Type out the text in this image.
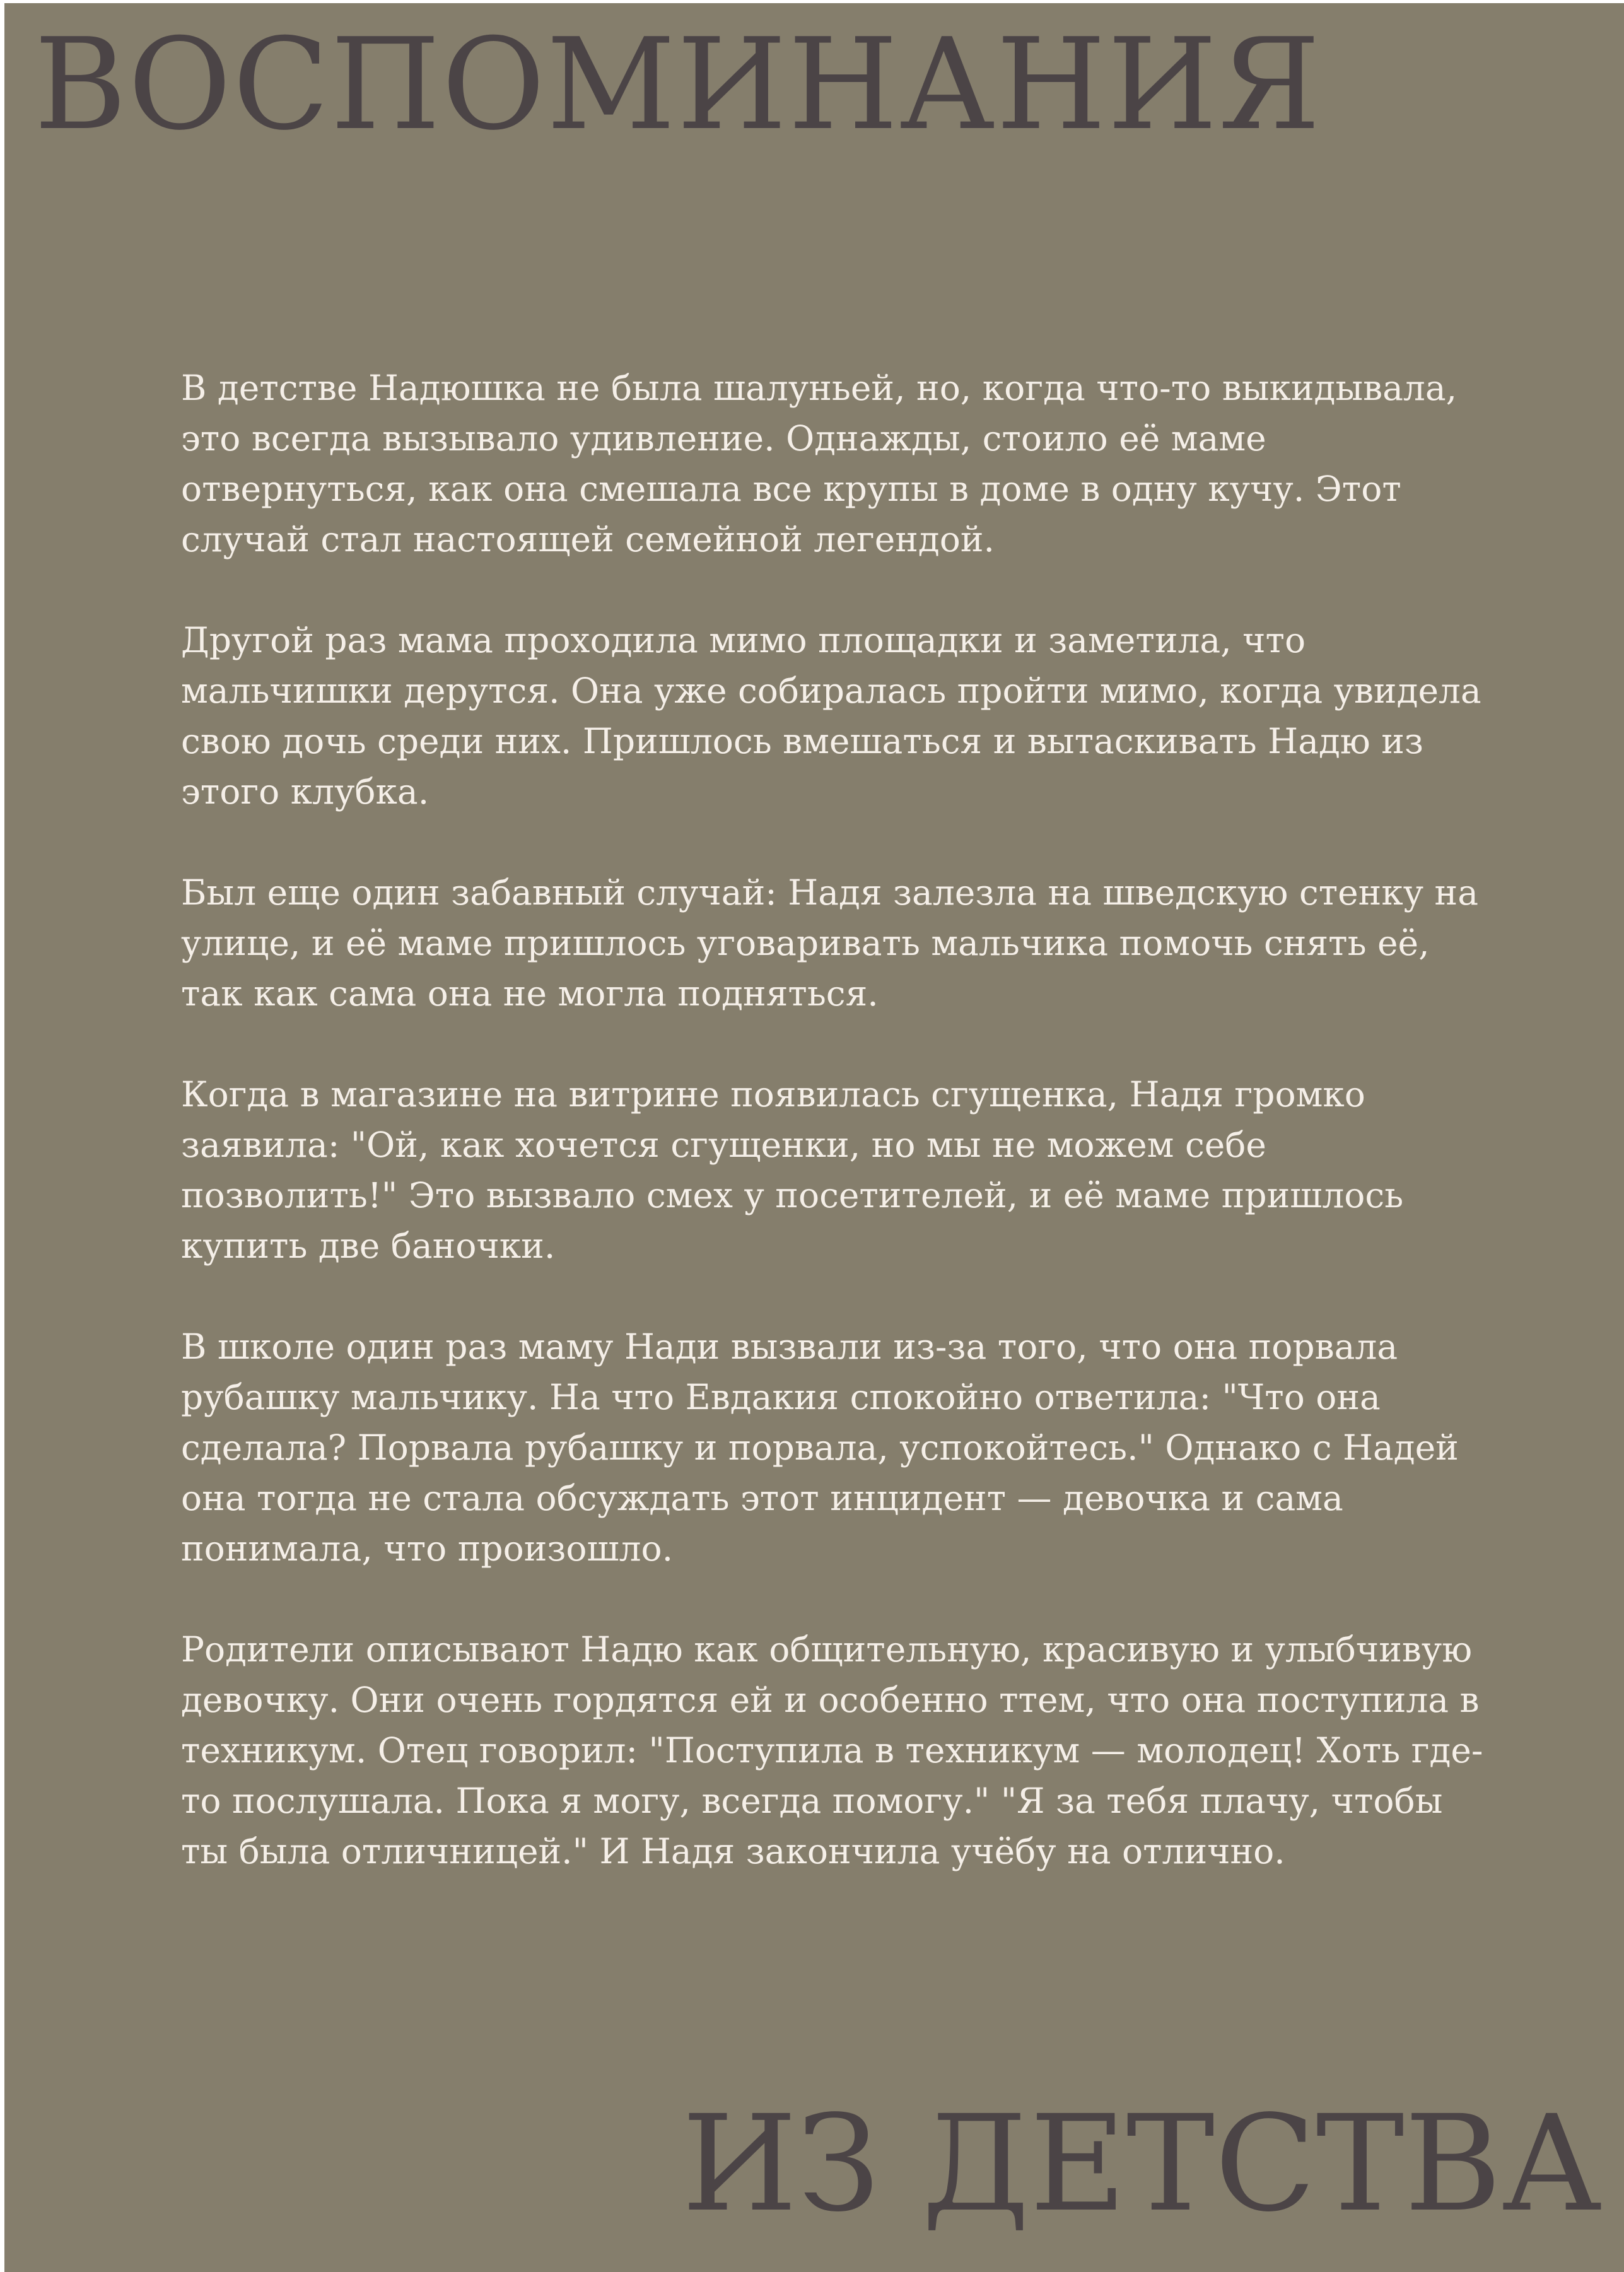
ВОСПОМИНАНИЯ

В детстве Надюшка не была шалуньей, но, когда что-то выкидывала, это всегда вызывало удивление. Однажды, стоило её маме отвернуться, как она смешала все крупы в доме в одну кучу. Этот случай стал настоящей семейной легендой.

Другой раз мама проходила мимо площадки и заметила, что мальчишки дерутся. Она уже собиралась пройти мимо, когда увидела свою дочь среди них. Пришлось вмешаться и вытаскивать Надю из этого клубка.

Был еще один забавный случай: Надя залезла на шведскую стенку на улице, и её маме пришлось уговаривать мальчика помочь снять её, так как сама она не могла подняться.

Когда в магазине на витрине появилась сгущенка, Надя громко заявила: "Ой, как хочется сгущенки, но мы не можем себе позволить!" Это вызвало смех у посетителей, и её маме пришлось купить две баночки.

В школе один раз маму Нади вызвали из-за того, что она порвала рубашку мальчику. На что Евдакия спокойно ответила: "Что она сделала? Порвала рубашку и порвала, успокойтесь." Однако с Надей она тогда не стала обсуждать этот инцидент — девочка и сама понимала, что произошло.

Родители описывают Надю как общительную, красивую и улыбчивую девочку. Они очень гордятся ей и особенно ттем, что она поступила в техникум. Отец говорил: "Поступила в техникум — молодец! Хоть где-то послушала. Пока я могу, всегда помогу." "Я за тебя плачу, чтобы ты была отличницей." И Надя закончила учёбу на отлично.

ИЗ ДЕТСТВА
